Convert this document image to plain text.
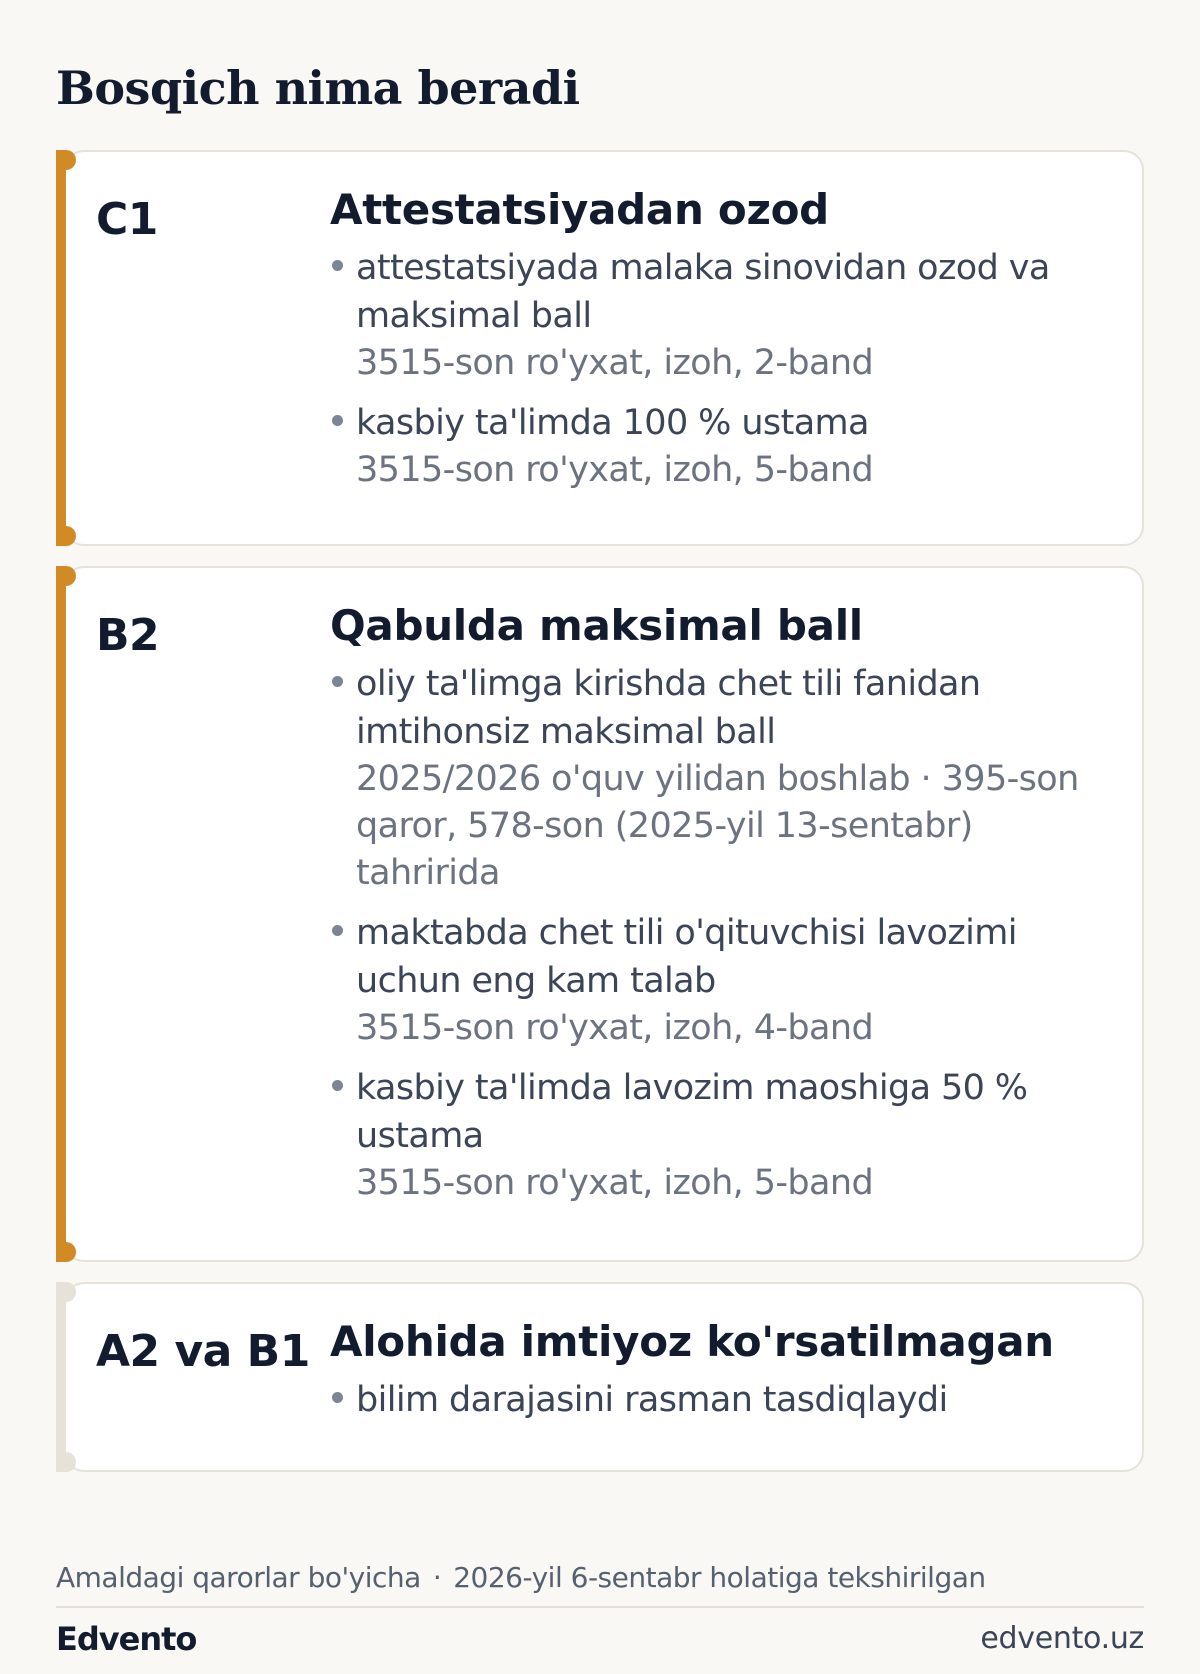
Bosqich nima beradi
C1	Attestatsiyadan ozod
attestatsiyada malaka sinovidan ozod va maksimal ball
3515-son ro'yxat, izoh, 2-band
kasbiy ta'limda 100 % ustama
3515-son ro'yxat, izoh, 5-band
B2	Qabulda maksimal ball
oliy ta'limga kirishda chet tili fanidan imtihonsiz maksimal ball
2025/2026 o'quv yilidan boshlab · 395-son qaror, 578-son (2025-yil 13-sentabr) tahririda
maktabda chet tili o'qituvchisi lavozimi uchun eng kam talab
3515-son ro'yxat, izoh, 4-band
kasbiy ta'limda lavozim maoshiga 50 % ustama
3515-son ro'yxat, izoh, 5-band
A2 va B1 Alohida imtiyoz ko'rsatilmagan
bilim darajasini rasman tasdiqlaydi
Amaldagi qarorlar bo'yicha · 2026-yil 6-sentabr holatiga tekshirilgan
Edvento	edvento.uz
